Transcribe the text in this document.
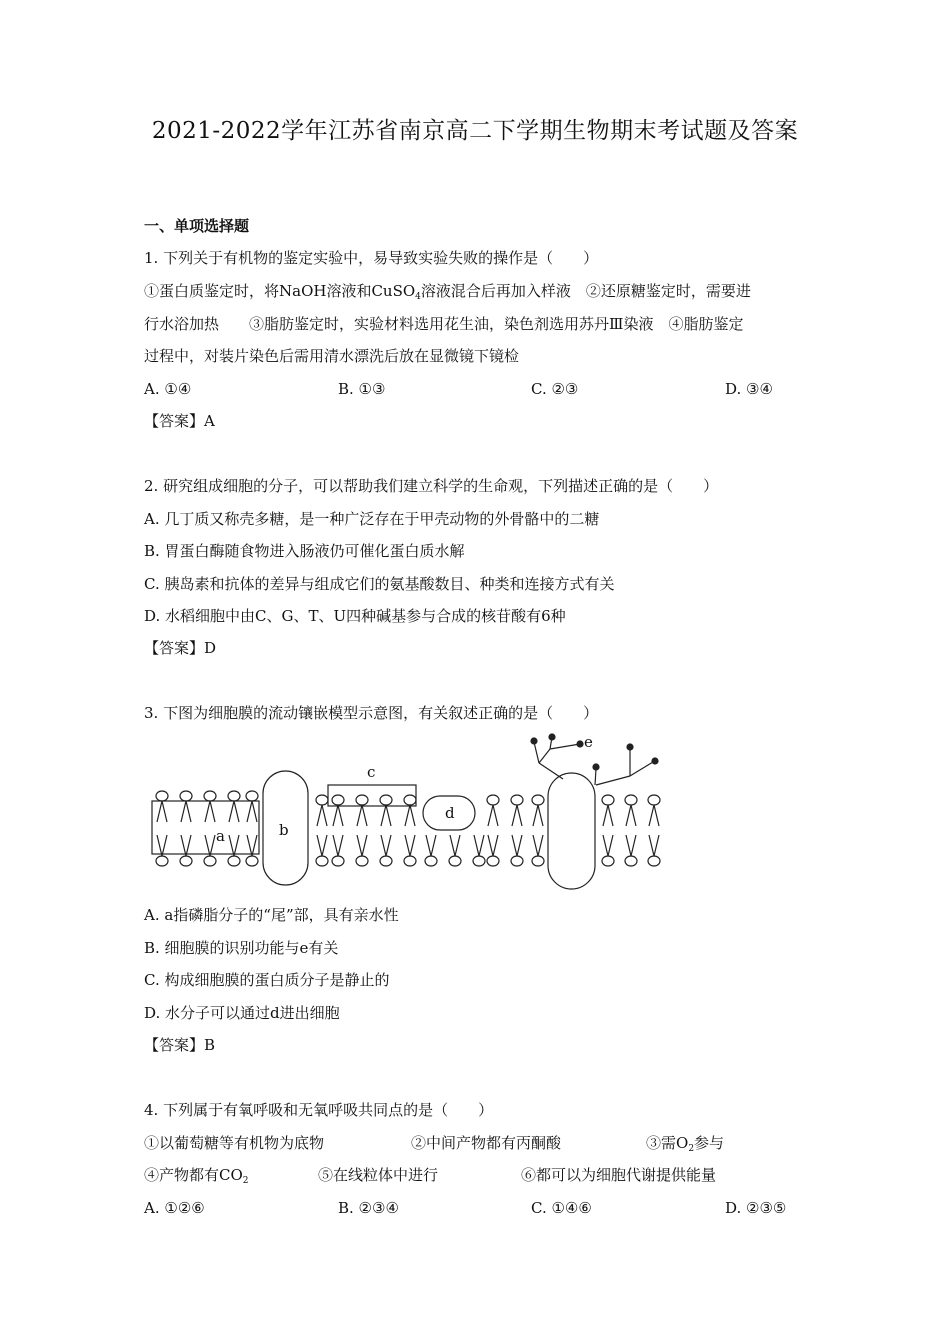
2021-2022学年江苏省南京高二下学期生物期末考试题及答案
一、单项选择题
1. 下列关于有机物的鉴定实验中，易导致实验失败的操作是（　　）
①蛋白质鉴定时，将NaOH溶液和CuSO$_4$溶液混合后再加入样液　②还原糖鉴定时，需要进
行水浴加热　　③脂肪鉴定时，实验材料选用花生油，染色剂选用苏丹Ⅲ染液　④脂肪鉴定
过程中，对装片染色后需用清水漂洗后放在显微镜下镜检
A. ①④	B. ①③	C. ②③	D. ③④
【答案】A
2. 研究组成细胞的分子，可以帮助我们建立科学的生命观，下列描述正确的是（　　）
A. 几丁质又称壳多糖，是一种广泛存在于甲壳动物的外骨骼中的二糖
B. 胃蛋白酶随食物进入肠液仍可催化蛋白质水解
C. 胰岛素和抗体的差异与组成它们的氨基酸数目、种类和连接方式有关
D. 水稻细胞中由C、G、T、U四种碱基参与合成的核苷酸有6种
【答案】D
3. 下图为细胞膜的流动镶嵌模型示意图，有关叙述正确的是（　　）
a	b
c
d
e
A. a指磷脂分子的“尾”部，具有亲水性
B. 细胞膜的识别功能与e有关
C. 构成细胞膜的蛋白质分子是静止的
D. 水分子可以通过d进出细胞
【答案】B
4. 下列属于有氧呼吸和无氧呼吸共同点的是（　　）
①以葡萄糖等有机物为底物	②中间产物都有丙酮酸	③需$O_2$参与
④产物都有$CO_2$	⑤在线粒体中进行	⑥都可以为细胞代谢提供能量
A. ①②⑥	B. ②③④	C. ①④⑥	D. ②③⑤
